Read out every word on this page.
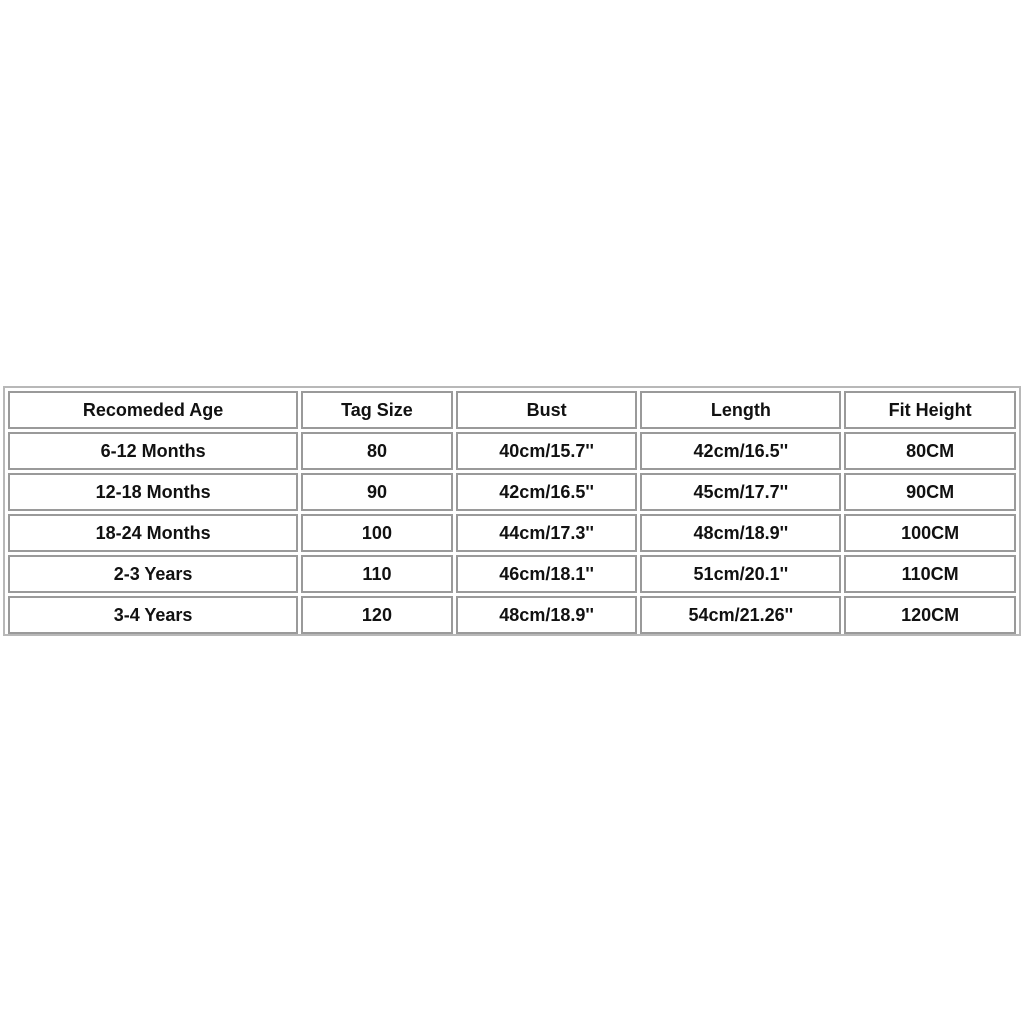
Recomeded Age	Tag Size	Bust	Length	Fit Height
6-12 Months	80	40cm/15.7''	42cm/16.5''	80CM
12-18 Months	90	42cm/16.5''	45cm/17.7''	90CM
18-24 Months	100	44cm/17.3''	48cm/18.9''	100CM
2-3 Years	110	46cm/18.1''	51cm/20.1''	110CM
3-4 Years	120	48cm/18.9''	54cm/21.26''	120CM
